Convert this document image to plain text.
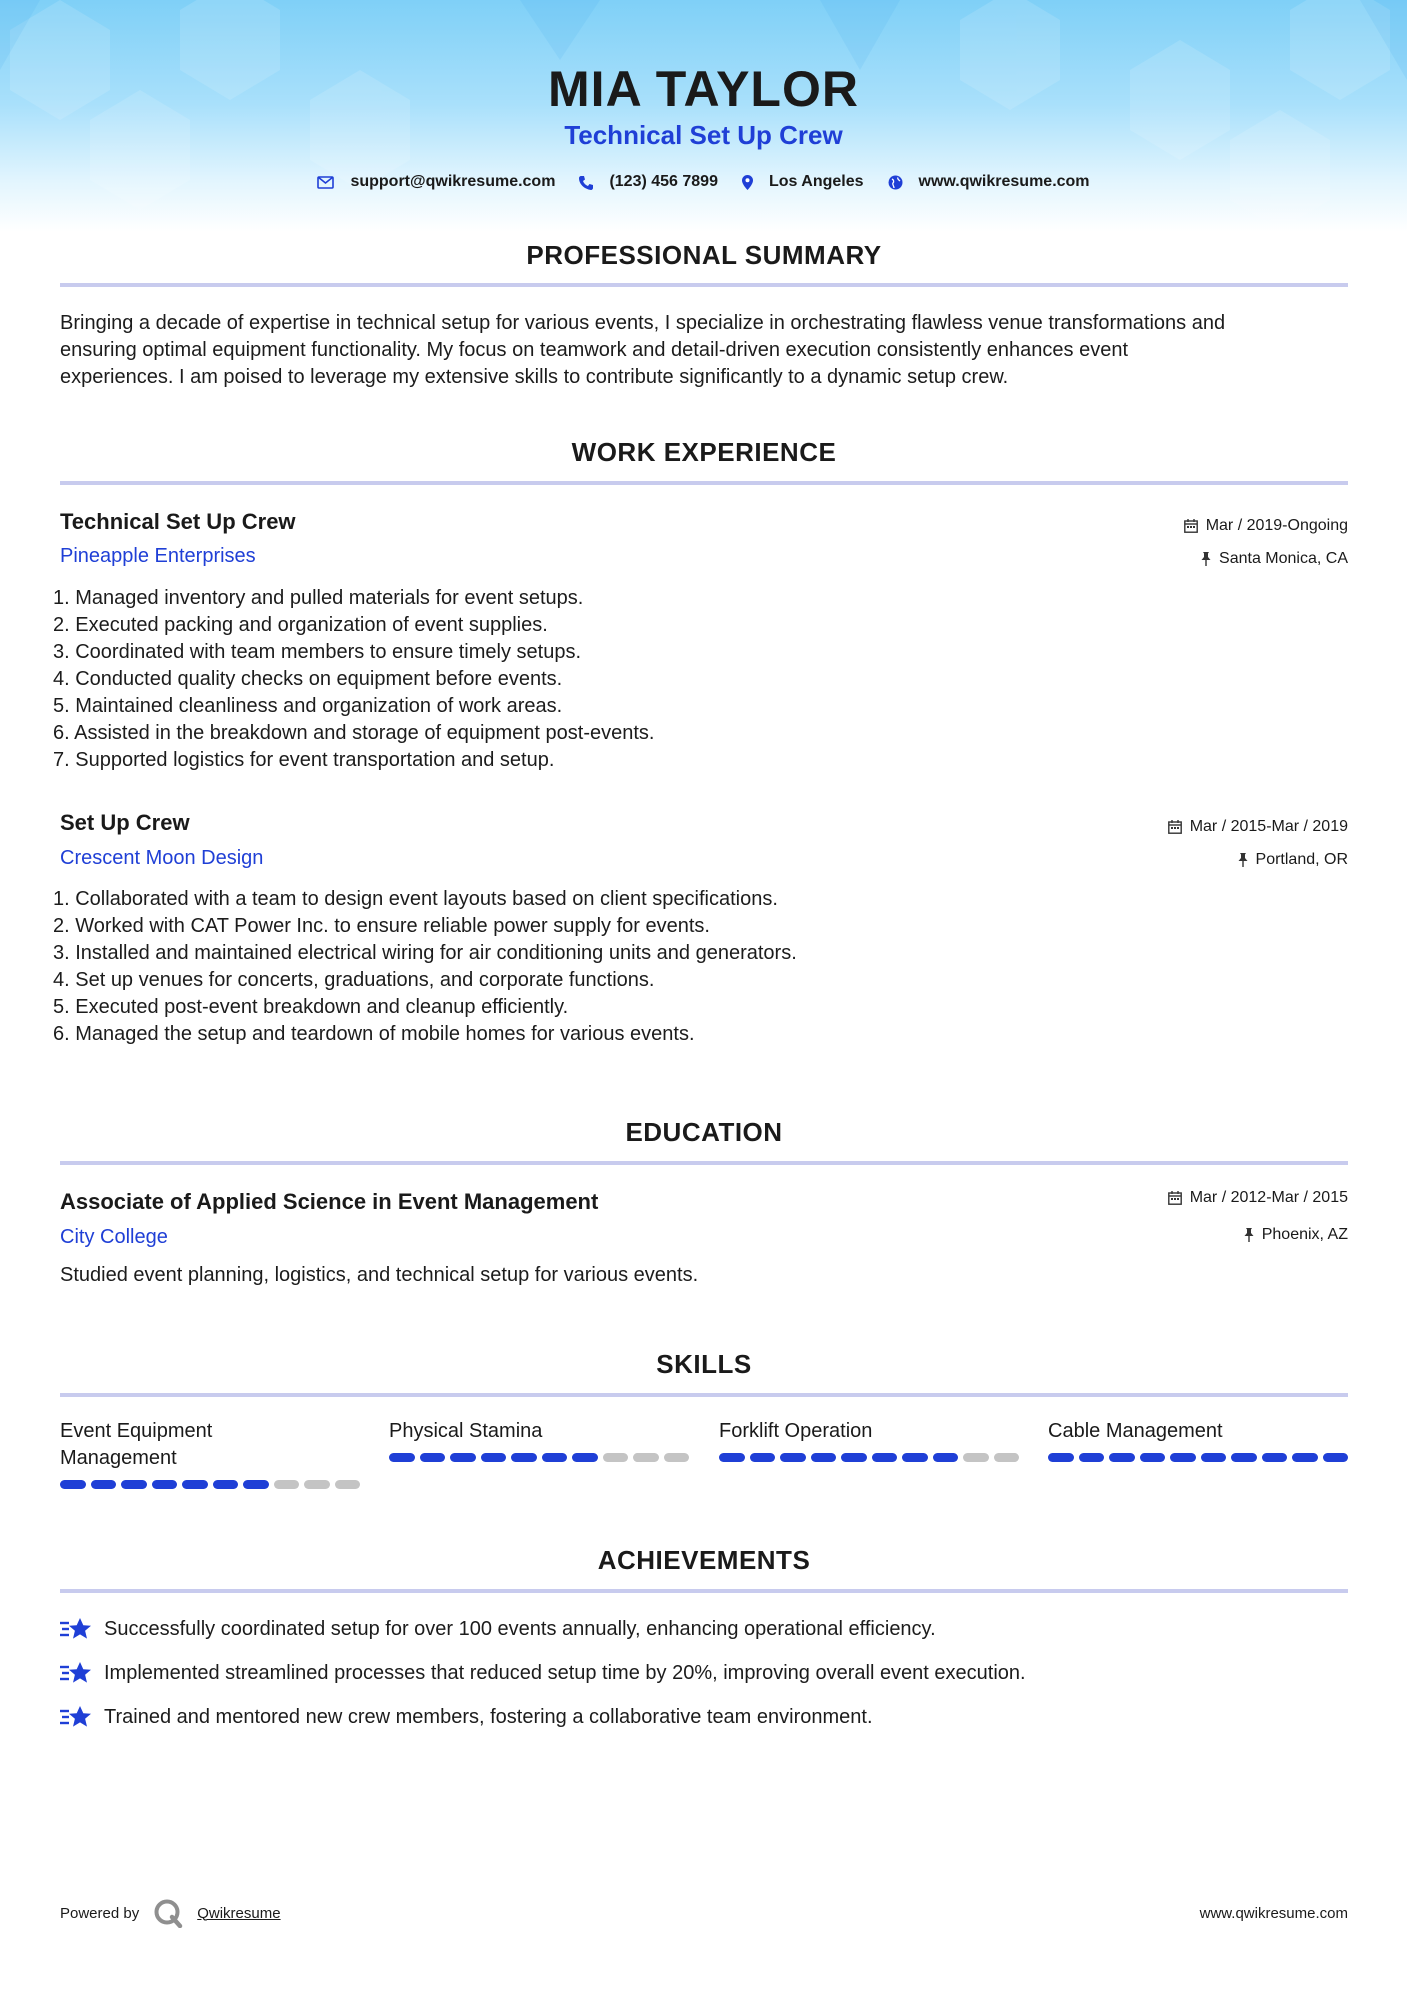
MIA TAYLOR
Technical Set Up Crew
support@qwikresume.com	(123) 456 7899	Los Angeles	www.qwikresume.com
PROFESSIONAL SUMMARY
Bringing a decade of expertise in technical setup for various events, I specialize in orchestrating flawless venue transformations and
ensuring optimal equipment functionality. My focus on teamwork and detail-driven execution consistently enhances event
experiences. I am poised to leverage my extensive skills to contribute significantly to a dynamic setup crew.
WORK EXPERIENCE
Technical Set Up Crew
Pineapple Enterprises
Mar / 2019-Ongoing
Santa Monica, CA
1. Managed inventory and pulled materials for event setups.
2. Executed packing and organization of event supplies.
3. Coordinated with team members to ensure timely setups.
4. Conducted quality checks on equipment before events.
5. Maintained cleanliness and organization of work areas.
6. Assisted in the breakdown and storage of equipment post-events.
7. Supported logistics for event transportation and setup.
Set Up Crew
Crescent Moon Design
Mar / 2015-Mar / 2019
Portland, OR
1. Collaborated with a team to design event layouts based on client specifications.
2. Worked with CAT Power Inc. to ensure reliable power supply for events.
3. Installed and maintained electrical wiring for air conditioning units and generators.
4. Set up venues for concerts, graduations, and corporate functions.
5. Executed post-event breakdown and cleanup efficiently.
6. Managed the setup and teardown of mobile homes for various events.
EDUCATION
Associate of Applied Science in Event Management
City College
Mar / 2012-Mar / 2015
Phoenix, AZ
Studied event planning, logistics, and technical setup for various events.
SKILLS
Event Equipment
Management
Physical Stamina	Forklift Operation	Cable Management
ACHIEVEMENTS
Successfully coordinated setup for over 100 events annually, enhancing operational efficiency.
Implemented streamlined processes that reduced setup time by 20%, improving overall event execution.
Trained and mentored new crew members, fostering a collaborative team environment.
Powered by	Qwikresume	www.qwikresume.com
